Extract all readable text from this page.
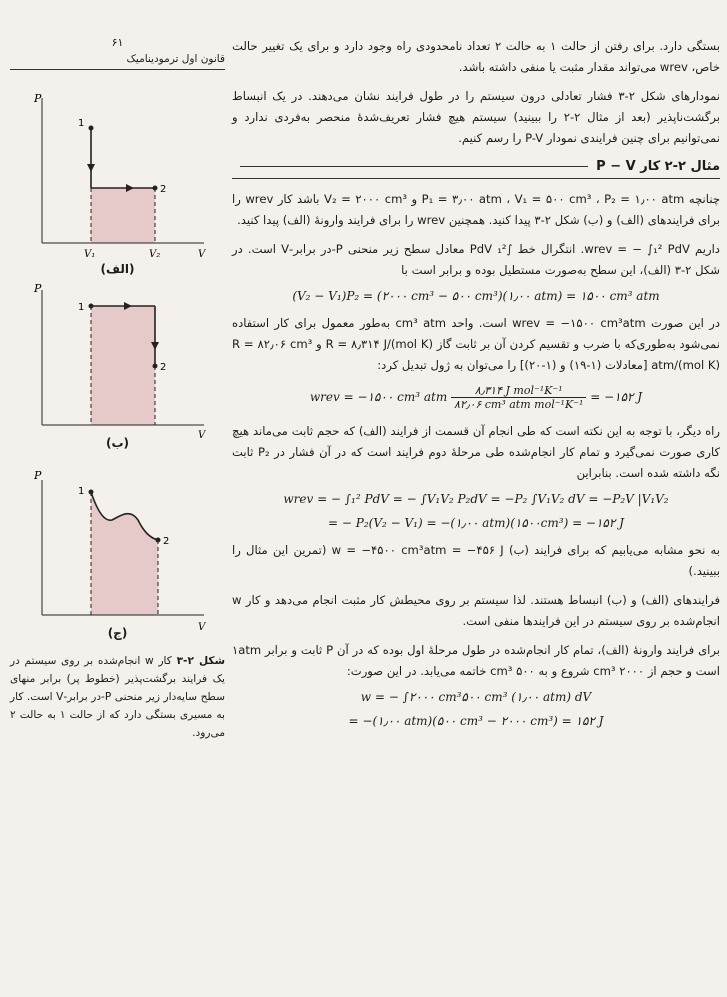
۶۱
قانون اول ترمودینامیک
P
1
2
V₁	V₂	V
(الف)
P
1
2
V
(ب)
P
1
2
V
(ج)
شکل ۲-۳ کار w انجام‌شده بر روی سیستم در یک فرایند برگشت‌پذیر (خطوط پر) برابر منهای سطح سایه‌دار زیر منحنی P-در برابر-V است. کار به مسیری بستگی دارد که از حالت ۱ به حالت ۲ می‌رود.

بستگی دارد. برای رفتن از حالت ۱ به حالت ۲ تعداد نامحدودی راه وجود دارد و برای یک تغییر حالت خاص، wrev می‌تواند مقدار مثبت یا منفی داشته باشد.

نمودارهای شکل ۲-۳ فشار تعادلی درون سیستم را در طول فرایند نشان می‌دهند. در یک انبساط برگشت‌ناپذیر (بعد از مثال ۲-۲ را ببینید) سیستم هیچ فشار تعریف‌شدهٔ منحصر به‌فردی ندارد و نمی‌توانیم برای چنین فرایندی نمودار P-V را رسم کنیم.

مثال ۲-۲ کار P − V

چنانچه P₁ = ۳٫۰۰ atm ، V₁ = ۵۰۰ cm³ ، P₂ = ۱٫۰۰ atm و V₂ = ۲۰۰۰ cm³ باشد کار wrev را برای فرایندهای (الف) و (ب) شکل ۲-۳ پیدا کنید. همچنین wrev را برای فرایند وارونهٔ (الف) پیدا کنید.

داریم wrev = − ∫₁² PdV. انتگرال خط ∫₁² PdV معادل سطح زیر منحنی P-در برابر-V است. در شکل ۲-۳ (الف)، این سطح به‌صورت مستطیل بوده و برابر است با

(V₂ − V₁)P₂ = (۲۰۰۰ cm³ − ۵۰۰ cm³)(۱٫۰۰ atm) = ۱۵۰۰ cm³ atm

در این صورت wrev = −۱۵۰۰ cm³atm است. واحد cm³ atm به‌طور معمول برای کار استفاده نمی‌شود به‌طوری‌که با ضرب و تقسیم کردن آن بر ثابت گاز R = ۸٫۳۱۴ J/(mol K) و R = ۸۲٫۰۶ cm³ atm/(mol K) [معادلات (۱-۱۹) و (۱-۲۰)] را می‌توان به ژول تبدیل کرد:

wrev = −۱۵۰۰ cm³ atm $\frac{\text{۸٫۳۱۴ J mol⁻¹K⁻¹}}{\text{۸۲٫۰۶ cm³ atm mol⁻¹K⁻¹}}$ = −۱۵۲ J

راه دیگر، با توجه به این نکته است که طی انجام آن قسمت از فرایند (الف) که حجم ثابت می‌ماند هیچ کاری صورت نمی‌گیرد و تمام کار انجام‌شده طی مرحلهٔ دوم فرایند است که در آن فشار در P₂ ثابت نگه داشته شده است. بنابراین

wrev = − ∫₁² PdV = − ∫V₁V₂ P₂dV = −P₂ ∫V₁V₂ dV = −P₂V |V₁V₂
= − P₂(V₂ − V₁) = −(۱٫۰۰ atm)(۱۵۰۰cm³) = −۱۵۲ J

به نحو مشابه می‌یابیم که برای فرایند (ب) w = −۴۵۰۰ cm³atm = −۴۵۶ J (تمرین این مثال را ببینید.)

فرایندهای (الف) و (ب) انبساط هستند. لذا سیستم بر روی محیطش کار مثبت انجام می‌دهد و کار w انجام‌شده بر روی سیستم در این فرایندها منفی است.

برای فرایند وارونهٔ (الف)، تمام کار انجام‌شده در طول مرحلهٔ اول بوده که در آن P ثابت و برابر ۱atm است و حجم از ۲۰۰۰ cm³ شروع و به ۵۰۰ cm³ خاتمه می‌یابد. در این صورت:

w = − ∫۲۰۰۰ cm³۵۰۰ cm³ (۱٫۰۰ atm) dV
= −(۱٫۰۰ atm)(۵۰۰ cm³ − ۲۰۰۰ cm³) = ۱۵۲ J
